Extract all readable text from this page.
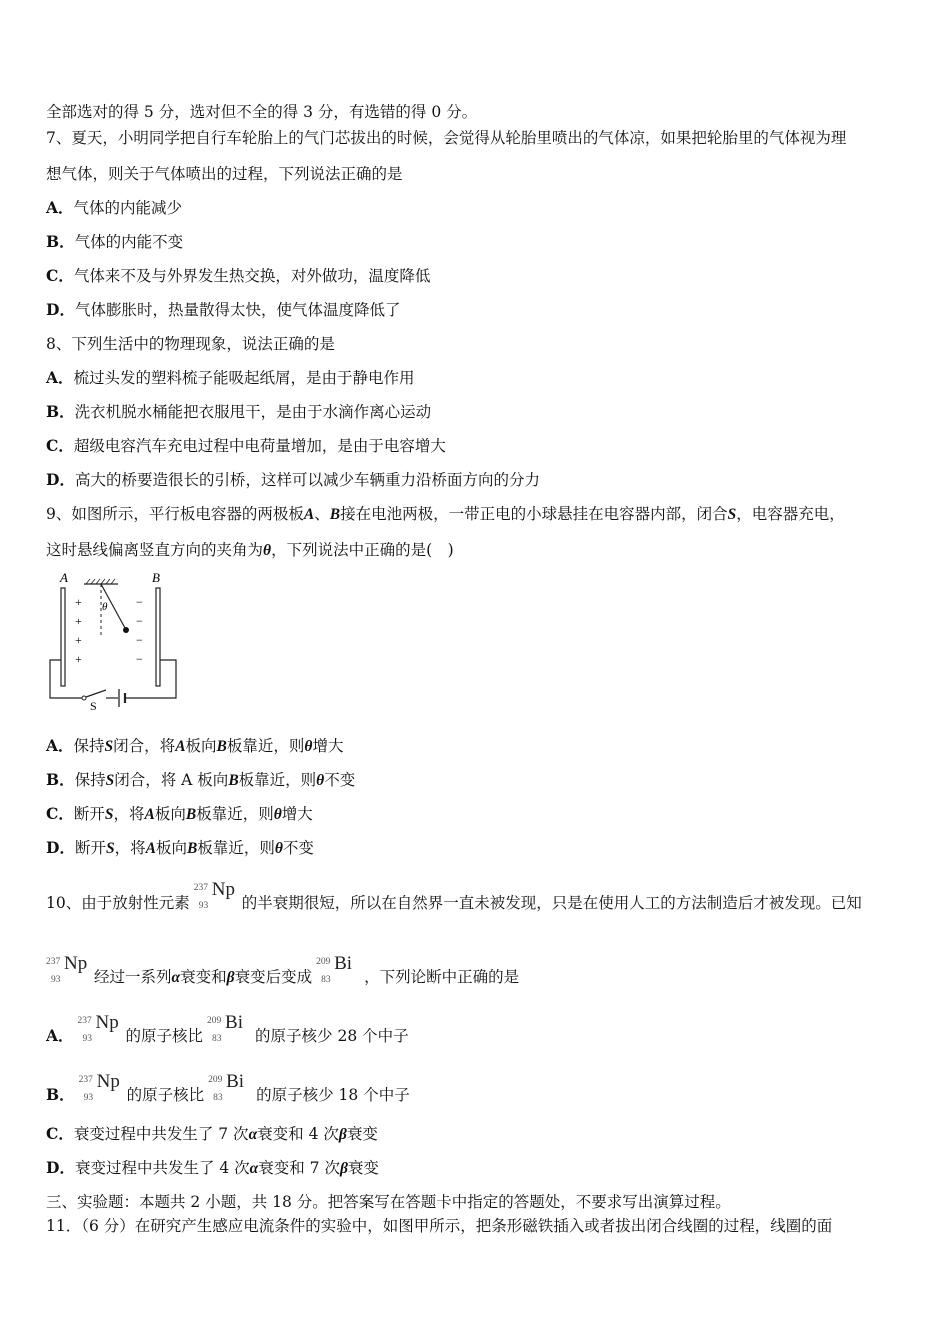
全部选对的得 5 分，选对但不全的得 3 分，有选错的得 0 分。
7、夏天，小明同学把自行车轮胎上的气门芯拔出的时候，会觉得从轮胎里喷出的气体凉，如果把轮胎里的气体视为理
想气体，则关于气体喷出的过程，下列说法正确的是
A．气体的内能减少
B．气体的内能不变
C．气体来不及与外界发生热交换，对外做功，温度降低
D．气体膨胀时，热量散得太快，使气体温度降低了
8、下列生活中的物理现象，说法正确的是
A．梳过头发的塑料梳子能吸起纸屑，是由于静电作用
B．洗衣机脱水桶能把衣服甩干，是由于水滴作离心运动
C．超级电容汽车充电过程中电荷量增加，是由于电容增大
D．高大的桥要造很长的引桥，这样可以减少车辆重力沿桥面方向的分力
9、如图所示，平行板电容器的两极板A、B接在电池两极，一带正电的小球悬挂在电容器内部，闭合S，电容器充电，
这时悬线偏离竖直方向的夹角为θ，下列说法中正确的是(　)
A	B
θ
+
+
+
+
−
−
−
−
S
A．保持S闭合，将A板向B板靠近，则θ增大
B．保持S闭合，将 A 板向B板靠近，则θ不变
C．断开S，将A板向B板靠近，则θ增大
D．断开S，将A板向B板靠近，则θ不变
10、由于放射性元素
237
93
Np
的半衰期很短，所以在自然界一直未被发现，只是在使用人工的方法制造后才被发现。已知
237
93
Np
经过一系列α衰变和β衰变后变成
209
83
Bi
，下列论断中正确的是
A．
237
93
Np
的原子核比
209
83
Bi
的原子核少 28 个中子
B．
237
93
Np
的原子核比
209
83
Bi
的原子核少 18 个中子
C．衰变过程中共发生了 7 次α衰变和 4 次β衰变
D．衰变过程中共发生了 4 次α衰变和 7 次β衰变
三、实验题：本题共 2 小题，共 18 分。把答案写在答题卡中指定的答题处，不要求写出演算过程。
11．（6 分）在研究产生感应电流条件的实验中，如图甲所示，把条形磁铁插入或者拔出闭合线圈的过程，线圈的面
